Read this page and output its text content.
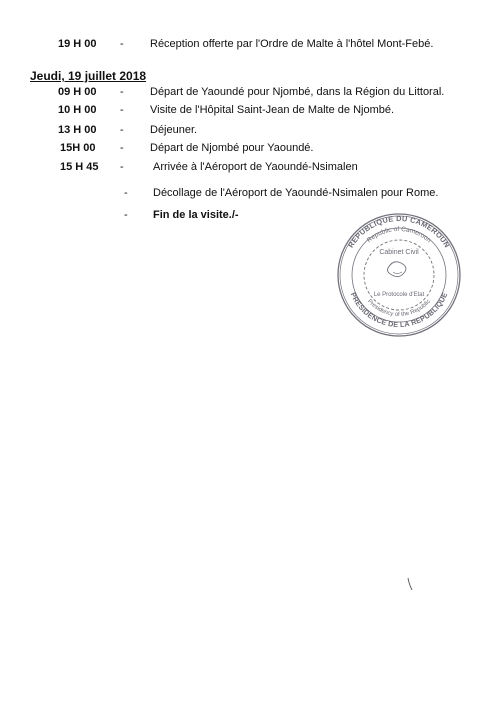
19 H 00 - Réception offerte par l'Ordre de Malte à l'hôtel Mont-Febé.
Jeudi, 19 juillet 2018
09 H 00 - Départ de Yaoundé pour Njombé, dans la Région du Littoral.
10 H 00 - Visite de l'Hôpital Saint-Jean de Malte de Njombé.
13 H 00 - Déjeuner.
15H 00 - Départ de Njombé pour Yaoundé.
15 H 45 -	Arrivée à l'Aéroport de Yaoundé-Nsimalen
- Décollage de l'Aéroport de Yaoundé-Nsimalen pour Rome.
- Fin de la visite./-
REPUBLIQUE DU CAMEROUN
Republic of Cameroon
Cabinet Civil
Le Protocole d'Etat
Presidency of the Republic
PRESIDENCE DE LA REPUBLIQUE
